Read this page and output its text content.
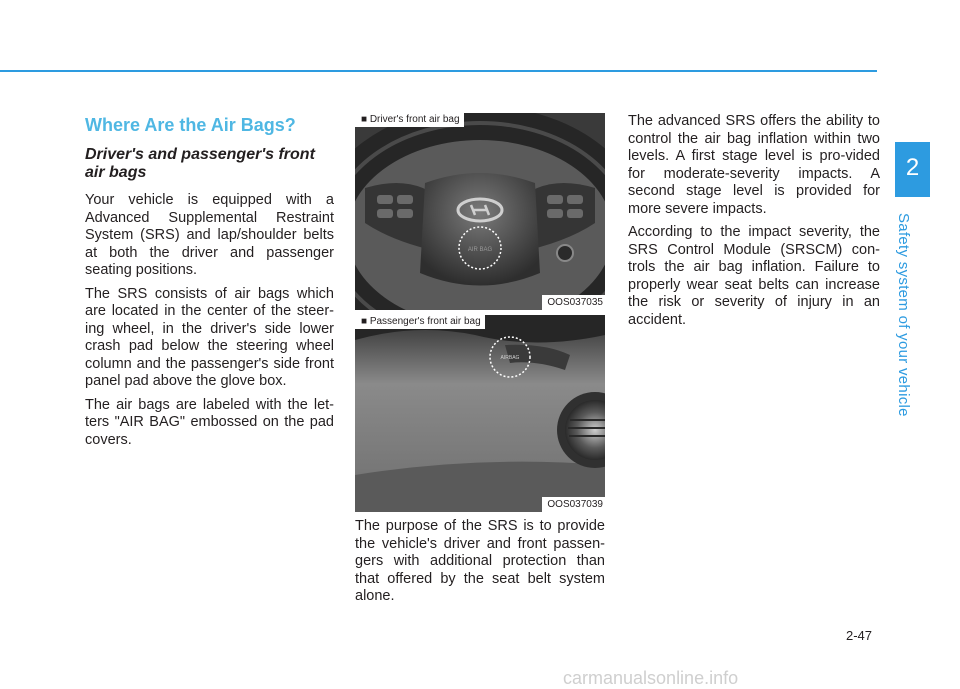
2
Safety system of your vehicle
Where Are the Air Bags?
Driver's and passenger's front air bags

Your vehicle is equipped with a Advanced Supplemental Restraint System (SRS) and lap/shoulder belts at both the driver and passenger seating positions.

The SRS consists of air bags which are located in the center of the steer-ing wheel, in the driver's side lower crash pad below the steering wheel column and the passenger's side front panel pad above the glove box.

The air bags are labeled with the let-ters "AIR BAG" embossed on the pad covers.

AIR BAG
■ Driver's front air bag
OOS037035
AIRBAG
■ Passenger's front air bag
OOS037039

The purpose of the SRS is to provide the vehicle's driver and front passen-gers with additional protection than that offered by the seat belt system alone.

The advanced SRS offers the ability to control the air bag inflation within two levels. A first stage level is pro-vided for moderate-severity impacts. A second stage level is provided for more severe impacts.

According to the impact severity, the SRS Control Module (SRSCM) con-trols the air bag inflation. Failure to properly wear seat belts can increase the risk or severity of injury in an accident.

2-47
carmanualsonline.info
